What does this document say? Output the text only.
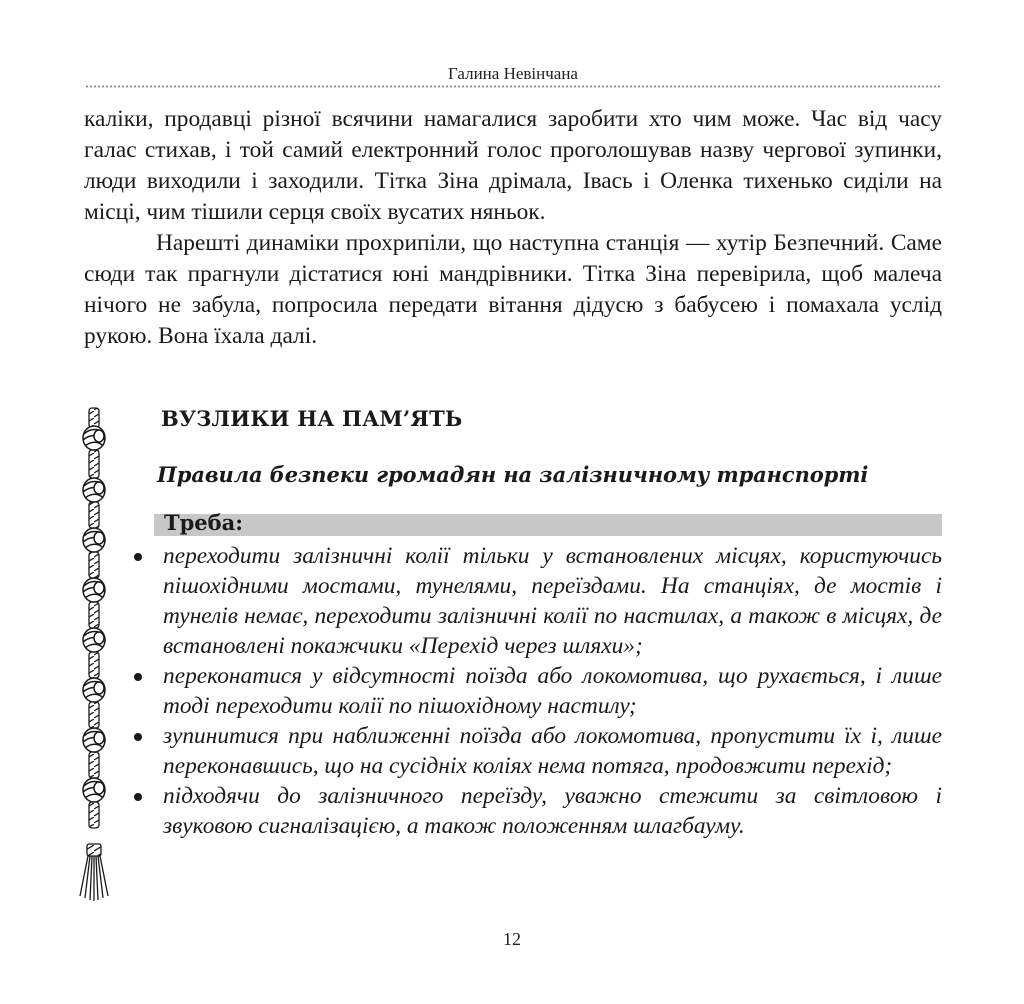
Галина Невінчана

каліки, продавці різної всячини намагалися заробити хто чим може. Час від часу галас стихав, і той самий електронний голос проголошував назву чергової зупинки, люди виходили і заходили. Тітка Зіна дрімала, Івась і Оленка тихенько сиділи на місці, чим тішили серця своїх вусатих няньок.

Нарешті динаміки прохрипіли, що наступна станція — хутір Безпечний. Саме сюди так прагнули дістатися юні мандрівники. Тітка Зіна перевірила, щоб малеча нічого не забула, попросила передати вітання дідусю з бабусею і помахала услід рукою. Вона їхала далі.

ВУЗЛИКИ НА ПАМ’ЯТЬ
Правила безпеки громадян на залізничному транспорті
Треба:
переходити залізничні колії тільки у встановлених місцях, користуючись пішохідними мостами, тунелями, переїздами. На станціях, де мостів і тунелів немає, переходити залізничні колії по настилах, а також в місцях, де встановлені покажчики «Перехід через шляхи»;
переконатися у відсутності поїзда або локомотива, що рухається, і лише тоді переходити колії по пішохідному настилу;
зупинитися при наближенні поїзда або локомотива, пропустити їх і, лише переконавшись, що на сусідніх коліях нема потяга, продовжити перехід;
підходячи до залізничного переїзду, уважно стежити за світловою і звуковою сигналізацією, а також положенням шлагбауму.
12
